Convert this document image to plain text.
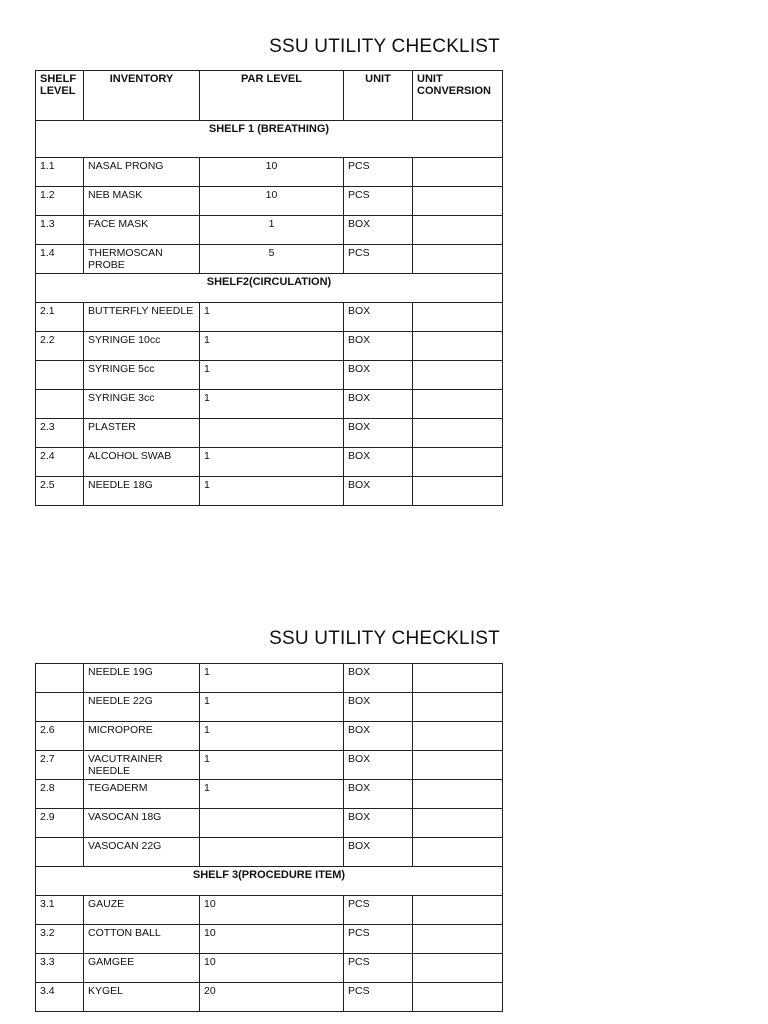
SSU UTILITY CHECKLIST
SHELF LEVEL	INVENTORY	PAR LEVEL	UNIT	UNIT CONVERSION
SHELF 1 (BREATHING)				
1.1	NASAL PRONG	10	PCS	
1.2	NEB MASK	10	PCS	
1.3	FACE MASK	1	BOX	
1.4	THERMOSCAN PROBE	5	PCS	
SHELF2(CIRCULATION)				
2.1	BUTTERFLY NEEDLE	1	BOX	
2.2	SYRINGE 10cc	1	BOX	
	SYRINGE 5cc	1	BOX	
	SYRINGE 3cc	1	BOX	
2.3	PLASTER		BOX	
2.4	ALCOHOL SWAB	1	BOX	
2.5	NEEDLE 18G	1	BOX	
SSU UTILITY CHECKLIST
	NEEDLE 19G	1	BOX	
	NEEDLE 22G	1	BOX	
2.6	MICROPORE	1	BOX	
2.7	VACUTRAINER NEEDLE	1	BOX	
2.8	TEGADERM	1	BOX	
2.9	VASOCAN 18G		BOX	
	VASOCAN 22G		BOX	
SHELF 3(PROCEDURE ITEM)				
3.1	GAUZE	10	PCS	
3.2	COTTON BALL	10	PCS	
3.3	GAMGEE	10	PCS	
3.4	KYGEL	20	PCS	
